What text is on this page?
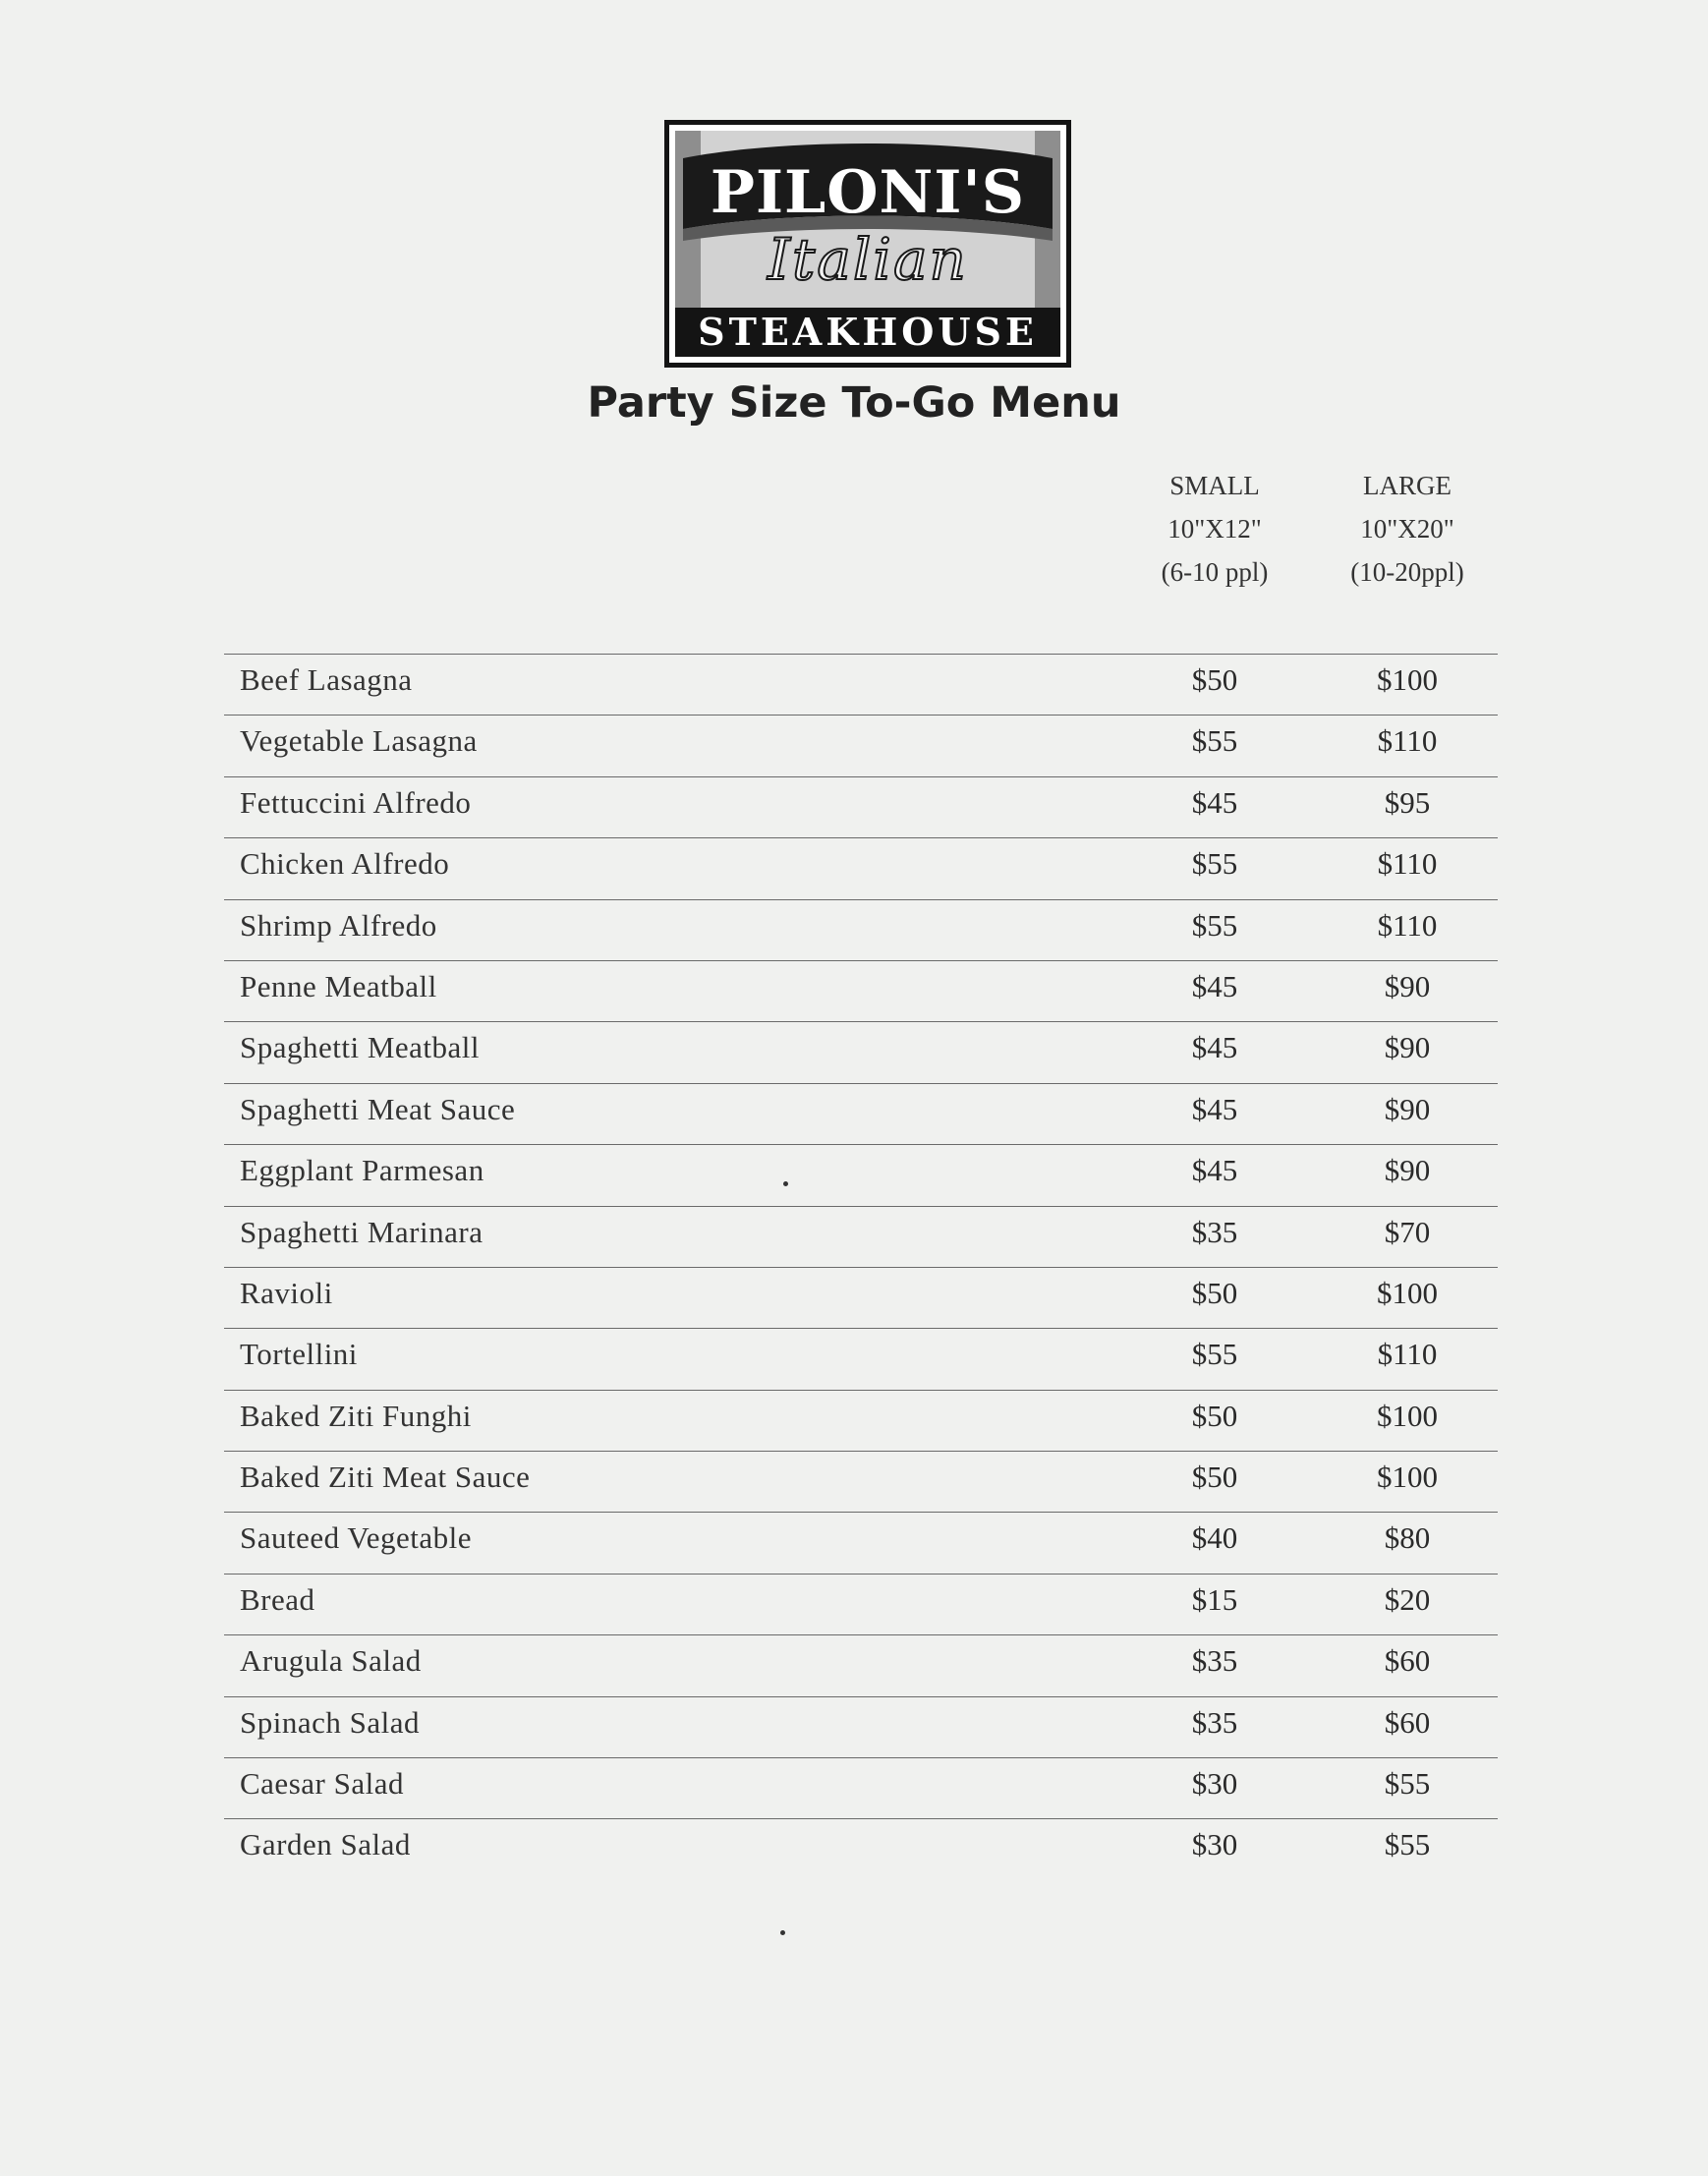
PILONI'S
Italian
STEAKHOUSE
Party Size To-Go Menu
SMALL
10"X12"
(6-10 ppl)
LARGE
10"X20"
(10-20ppl)
Beef Lasagna	$50	$100
Vegetable Lasagna	$55	$110
Fettuccini Alfredo	$45	$95
Chicken Alfredo	$55	$110
Shrimp Alfredo	$55	$110
Penne Meatball	$45	$90
Spaghetti Meatball	$45	$90
Spaghetti Meat Sauce	$45	$90
Eggplant Parmesan	$45	$90
Spaghetti Marinara	$35	$70
Ravioli	$50	$100
Tortellini	$55	$110
Baked Ziti Funghi	$50	$100
Baked Ziti Meat Sauce	$50	$100
Sauteed Vegetable	$40	$80
Bread	$15	$20
Arugula Salad	$35	$60
Spinach Salad	$35	$60
Caesar Salad	$30	$55
Garden Salad	$30	$55
